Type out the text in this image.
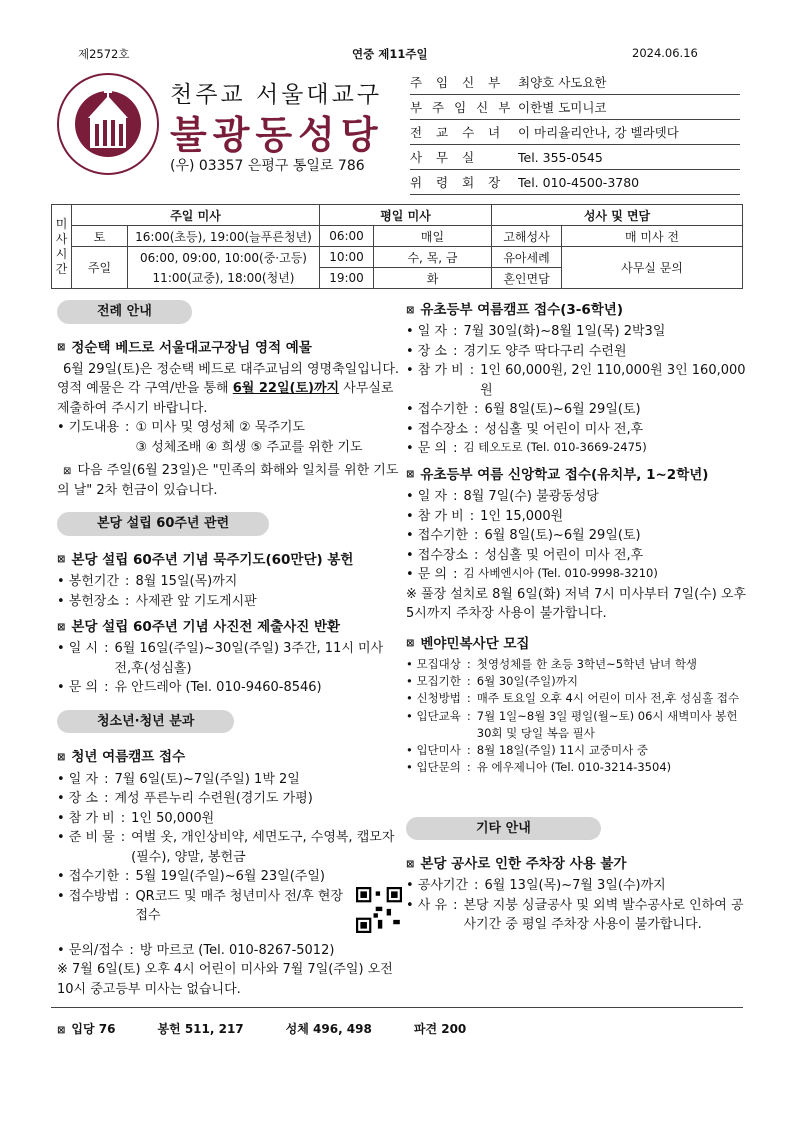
제2572호	연중 제11주일	2024.06.16
천주교 서울대교구
불광동성당
(우) 03357 은평구 통일로 786
주 임 신 부	최양호 사도요한
부 주 임 신 부 이한별 도미니코
전 교 수 녀	이 마리율리안나, 강 벨라뎃다
사 무 실	Tel. 355-0545
위 령 회 장	Tel. 010-4500-3780
미사시간	주일 미사		평일 미사		성사 및 면담	
	토	16:00(초등), 19:00(늘푸른청년)	06:00	매일	고해성사	매 미사 전
	주일	06:00, 09:00, 10:00(중·고등)	10:00	수, 목, 금	유아세례	사무실 문의
		11:00(교중), 18:00(청년)	19:00	화	혼인면담	
전례 안내
⊠ 정순택 베드로 서울대교구장님 영적 예물
6월 29일(토)은 정순택 베드로 대주교님의 영명축일입니다. 영적 예물은 각 구역/반을 통해 6월 22일(토)까지 사무실로 제출하여 주시기 바랍니다.
• 기도내용 : ① 미사 및 영성체 ② 묵주기도
③ 성체조배 ④ 희생 ⑤ 주교를 위한 기도
⊠ 다음 주일(6월 23일)은 "민족의 화해와 일치를 위한 기도의 날" 2차 헌금이 있습니다.
본당 설립 60주년 관련
⊠ 본당 설립 60주년 기념 묵주기도(60만단) 봉헌
• 봉헌기간 : 8월 15일(목)까지
• 봉헌장소 : 사제관 앞 기도게시판
⊠ 본당 설립 60주년 기념 사진전 제출사진 반환
• 일 시 : 6월 16일(주일)~30일(주일) 3주간, 11시 미사 전,후(성심홀)
• 문 의 : 유 안드레아 (Tel. 010-9460-8546)
청소년·청년 분과
⊠ 청년 여름캠프 접수
• 일 자 : 7월 6일(토)~7일(주일) 1박 2일
• 장 소 : 계성 푸른누리 수련원(경기도 가평)
• 참 가 비 : 1인 50,000원
• 준 비 물 : 여벌 옷, 개인상비약, 세면도구, 수영복, 캡모자(필수), 양말, 봉헌금
• 접수기한 : 5월 19일(주일)~6월 23일(주일)
• 접수방법 : QR코드 및 매주 청년미사 전/후 현장 접수
• 문의/접수 : 방 마르코 (Tel. 010-8267-5012)
※ 7월 6일(토) 오후 4시 어린이 미사와 7월 7일(주일) 오전 10시 중고등부 미사는 없습니다.
⊠ 유초등부 여름캠프 접수(3-6학년)
• 일 자 : 7월 30일(화)~8월 1일(목) 2박3일
• 장 소 : 경기도 양주 딱다구리 수련원
• 참 가 비 : 1인 60,000원, 2인 110,000원 3인 160,000원
• 접수기한 : 6월 8일(토)~6월 29일(토)
• 접수장소 : 성심홀 및 어린이 미사 전,후
• 문 의 : 김 테오도로 (Tel. 010-3669-2475)
⊠ 유초등부 여름 신앙학교 접수(유치부, 1~2학년)
• 일 자 : 8월 7일(수) 불광동성당
• 참 가 비 : 1인 15,000원
• 접수기한 : 6월 8일(토)~6월 29일(토)
• 접수장소 : 성심홀 및 어린이 미사 전,후
• 문 의 : 김 사베엔시아 (Tel. 010-9998-3210)
※ 풀장 설치로 8월 6일(화) 저녁 7시 미사부터 7일(수) 오후 5시까지 주차장 사용이 불가합니다.
⊠ 벤야민복사단 모집
• 모집대상 : 첫영성체를 한 초등 3학년~5학년 남녀 학생
• 모집기한 : 6월 30일(주일)까지
• 신청방법 : 매주 토요일 오후 4시 어린이 미사 전,후 성심홀 접수
• 입단교육 : 7월 1일~8월 3일 평일(월~토) 06시 새벽미사 봉헌 30회 및 당일 복음 필사
• 입단미사 : 8월 18일(주일) 11시 교중미사 중
• 입단문의 : 유 에우제니아 (Tel. 010-3214-3504)
기타 안내
⊠ 본당 공사로 인한 주차장 사용 불가
• 공사기간 : 6월 13일(목)~7월 3일(수)까지
• 사 유 : 본당 지붕 싱글공사 및 외벽 발수공사로 인하여 공사기간 중 평일 주차장 사용이 불가합니다.
⊠ 입당 76	봉헌 511, 217	성체 496, 498	파견 200
